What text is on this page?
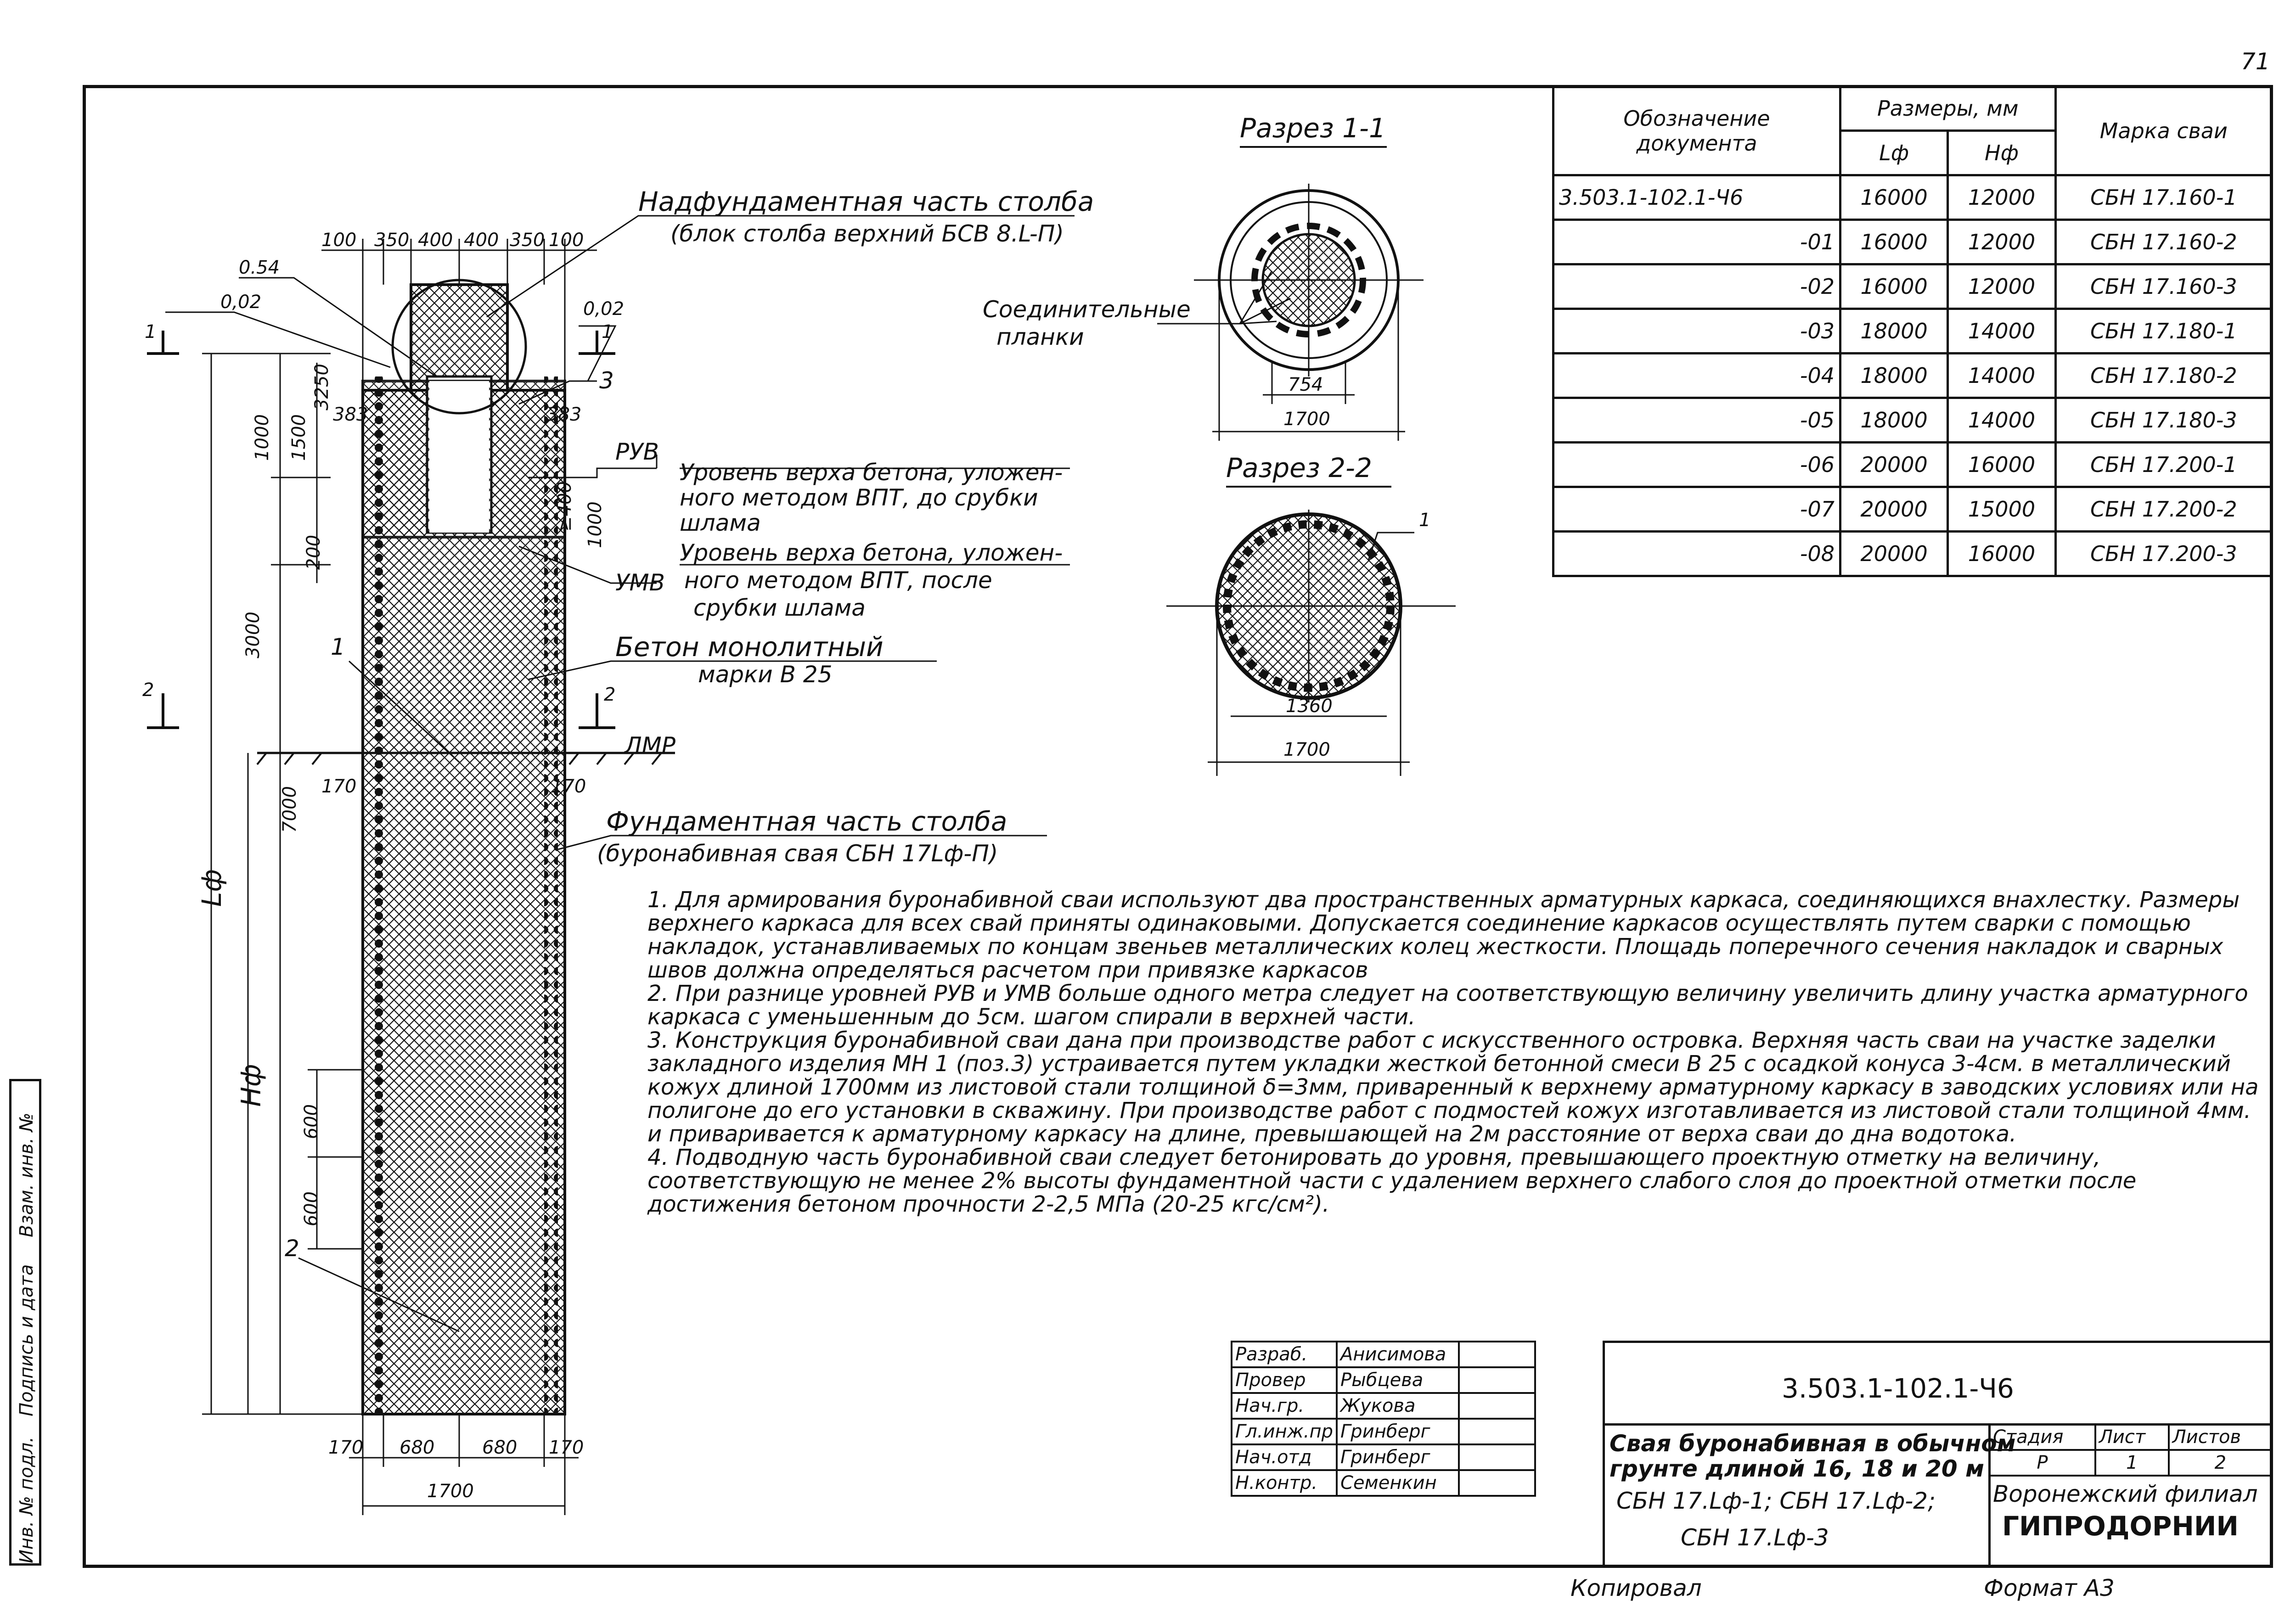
71
Взам. инв. №
Подпись и дата
Инв. № подл.
Разрез 1-1
Разрез 2-2
Надфундаментная часть столба
(блок столба верхний БСВ 8.L-П)
Соединительные
планки
РУВ
Уровень верха бетона, уложен-
ного методом ВПТ, до срубки
шлама
Уровень верха бетона, уложен-
УМВ ного методом ВПТ, после
срубки шлама
Бетон монолитный
марки В 25
ЛМР
Фундаментная часть столба
(буронабивная свая СБН 17Lф-П)
1
2
3
0.54
0,02	0,02
1	1
2	2
100 350 400 400 350 100
383	383
170	170
170 680	680 170
1700
1000 1500
3250
3000
200
≥400 1000
7000
600
600
Lф
Hф
754
1700
1360
1700
1
Обозначение
документа	Размеры, мм		Марка сваи
	Lф	Hф	
3.503.1-102.1-Ч6	16000	12000	СБН 17.160-1
-01	16000	12000	СБН 17.160-2
-02	16000	12000	СБН 17.160-3
-03	18000	14000	СБН 17.180-1
-04	18000	14000	СБН 17.180-2
-05	18000	14000	СБН 17.180-3
-06	20000	16000	СБН 17.200-1
-07	20000	15000	СБН 17.200-2
-08	20000	16000	СБН 17.200-3

1. Для армирования буронабивной сваи используют два пространственных арматурных каркаса, соединяющихся внахлестку. Размеры верхнего каркаса для всех свай приняты одинаковыми. Допускается соединение каркасов осуществлять путем сварки с помощью накладок, устанавливаемых по концам звеньев металлических колец жесткости. Площадь поперечного сечения накладок и сварных швов должна определяться расчетом при привязке каркасов

2. При разнице уровней РУВ и УМВ больше одного метра следует на соответствующую величину увеличить длину участка арматурного каркаса с уменьшенным до 5см. шагом спирали в верхней части.

3. Конструкция буронабивной сваи дана при производстве работ с искусственного островка. Верхняя часть сваи на участке заделки закладного изделия МН 1 (поз.3) устраивается путем укладки жесткой бетонной смеси В 25 с осадкой конуса 3-4см. в металлический кожух длиной 1700мм из листовой стали толщиной δ=3мм, приваренный к верхнему арматурному каркасу в заводских условиях или на полигоне до его установки в скважину. При производстве работ с подмостей кожух изготавливается из листовой стали толщиной 4мм. и приваривается к арматурному каркасу на длине, превышающей на 2м расстояние от верха сваи до дна водотока.

4. Подводную часть буронабивной сваи следует бетонировать до уровня, превышающего проектную отметку на величину, соответствующую не менее 2% высоты фундаментной части с удалением верхнего слабого слоя до проектной отметки после достижения бетоном прочности 2-2,5 МПа (20-25 кгс/см²).

Разраб.	Анисимова	
Провер	Рыбцева	
Нач.гр.	Жукова	
Гл.инж.пр	Гринберг	
Нач.отд	Гринберг	
Н.контр.	Семенкин	
3.503.1-102.1-Ч6
Свая буронабивная в обычном
грунте длиной 16, 18 и 20 м
СБН 17.Lф-1; СБН 17.Lф-2;
СБН 17.Lф-3
Стадия	Лист	Листов
Р	1	2
Воронежский филиал
ГИПРОДОРНИИ
Копировал	Формат А3
